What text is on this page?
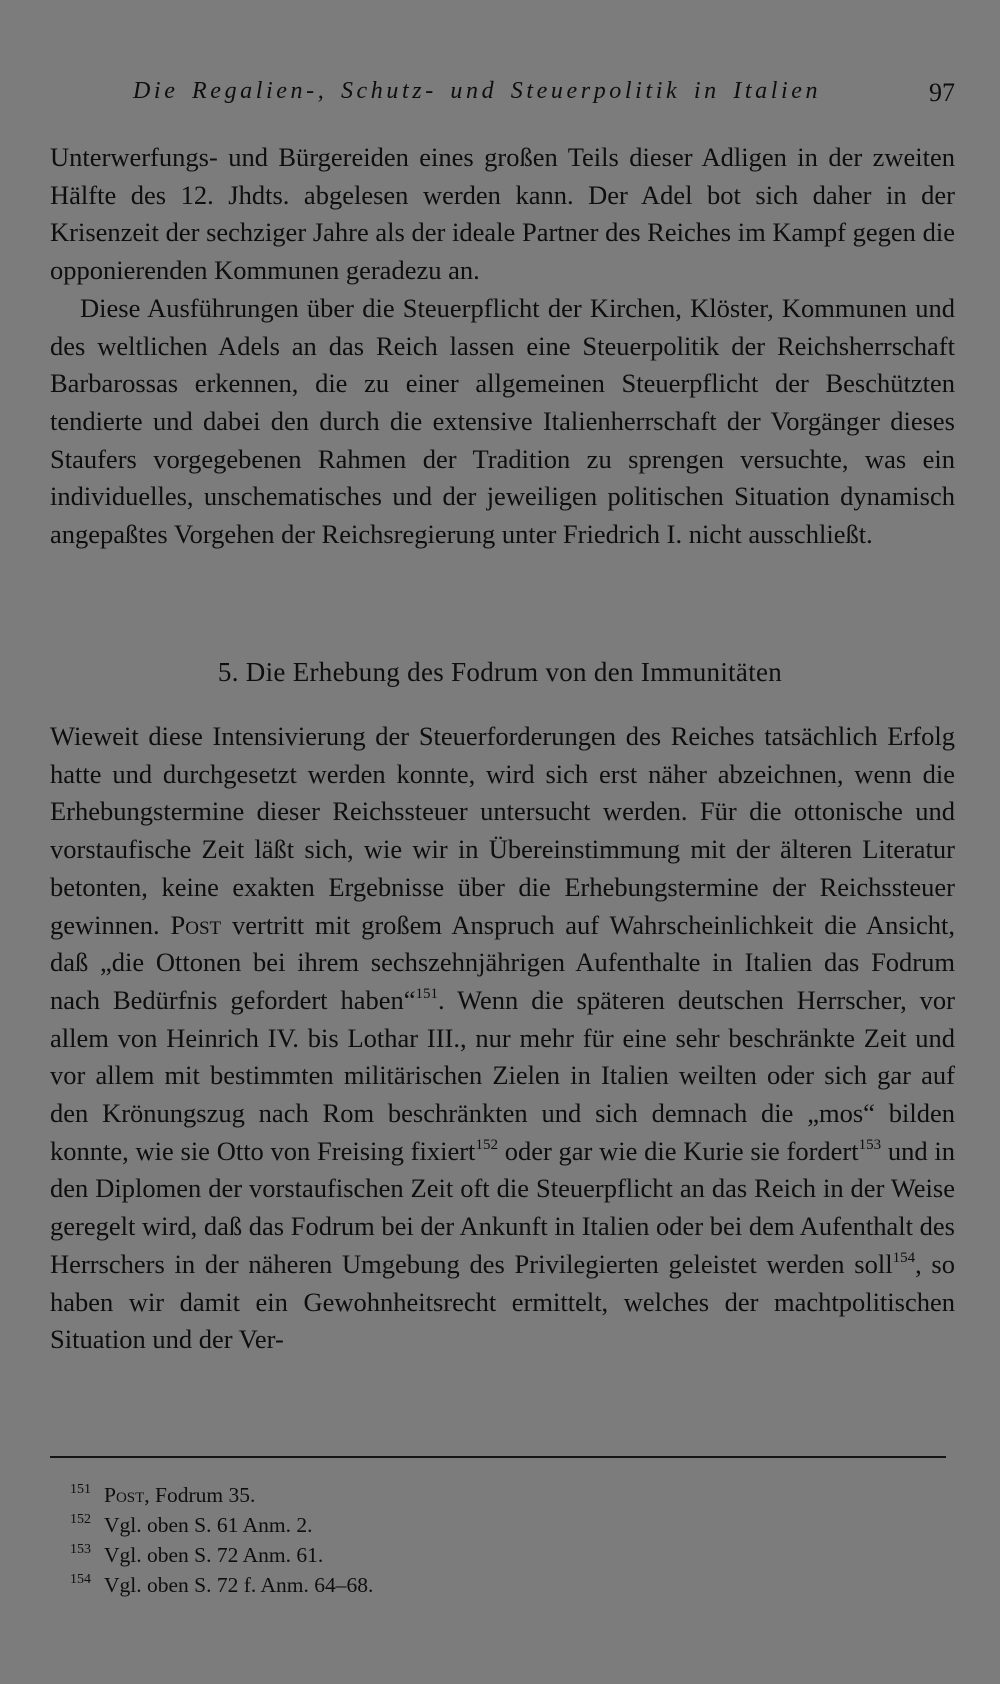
Die Regalien-, Schutz- und Steuerpolitik in Italien	97

Unterwerfungs- und Bürgereiden eines großen Teils dieser Adligen in der zweiten Hälfte des 12. Jhdts. abgelesen werden kann. Der Adel bot sich daher in der Krisenzeit der sechziger Jahre als der ideale Partner des Reiches im Kampf gegen die opponierenden Kommunen geradezu an.

Diese Ausführungen über die Steuerpflicht der Kirchen, Klöster, Kommunen und des weltlichen Adels an das Reich lassen eine Steuerpolitik der Reichsherrschaft Barbarossas erkennen, die zu einer allgemeinen Steuerpflicht der Beschützten tendierte und dabei den durch die extensive Italienherrschaft der Vorgänger dieses Staufers vorgegebenen Rahmen der Tradition zu sprengen versuchte, was ein individuelles, unschematisches und der jeweiligen politischen Situation dynamisch angepaßtes Vorgehen der Reichsregierung unter Friedrich I. nicht ausschließt.

5. Die Erhebung des Fodrum von den Immunitäten

Wieweit diese Intensivierung der Steuerforderungen des Reiches tatsächlich Erfolg hatte und durchgesetzt werden konnte, wird sich erst näher abzeichnen, wenn die Erhebungstermine dieser Reichssteuer untersucht werden. Für die ottonische und vorstaufische Zeit läßt sich, wie wir in Übereinstimmung mit der älteren Literatur betonten, keine exakten Ergebnisse über die Erhebungstermine der Reichssteuer gewinnen. Post vertritt mit großem Anspruch auf Wahrscheinlichkeit die Ansicht, daß „die Ottonen bei ihrem sechszehnjährigen Aufenthalte in Italien das Fodrum nach Bedürfnis gefordert haben“$^{151}$. Wenn die späteren deutschen Herrscher, vor allem von Heinrich IV. bis Lothar III., nur mehr für eine sehr beschränkte Zeit und vor allem mit bestimmten militärischen Zielen in Italien weilten oder sich gar auf den Krönungszug nach Rom beschränkten und sich demnach die „mos“ bilden konnte, wie sie Otto von Freising fixiert$^{152}$ oder gar wie die Kurie sie fordert$^{153}$ und in den Diplomen der vorstaufischen Zeit oft die Steuerpflicht an das Reich in der Weise geregelt wird, daß das Fodrum bei der Ankunft in Italien oder bei dem Aufenthalt des Herrschers in der näheren Umgebung des Privilegierten geleistet werden soll$^{154}$, so haben wir damit ein Gewohnheitsrecht ermittelt, welches der machtpolitischen Situation und der Ver-

151 Post, Fodrum 35.
152 Vgl. oben S. 61 Anm. 2.
153 Vgl. oben S. 72 Anm. 61.
154 Vgl. oben S. 72 f. Anm. 64–68.
